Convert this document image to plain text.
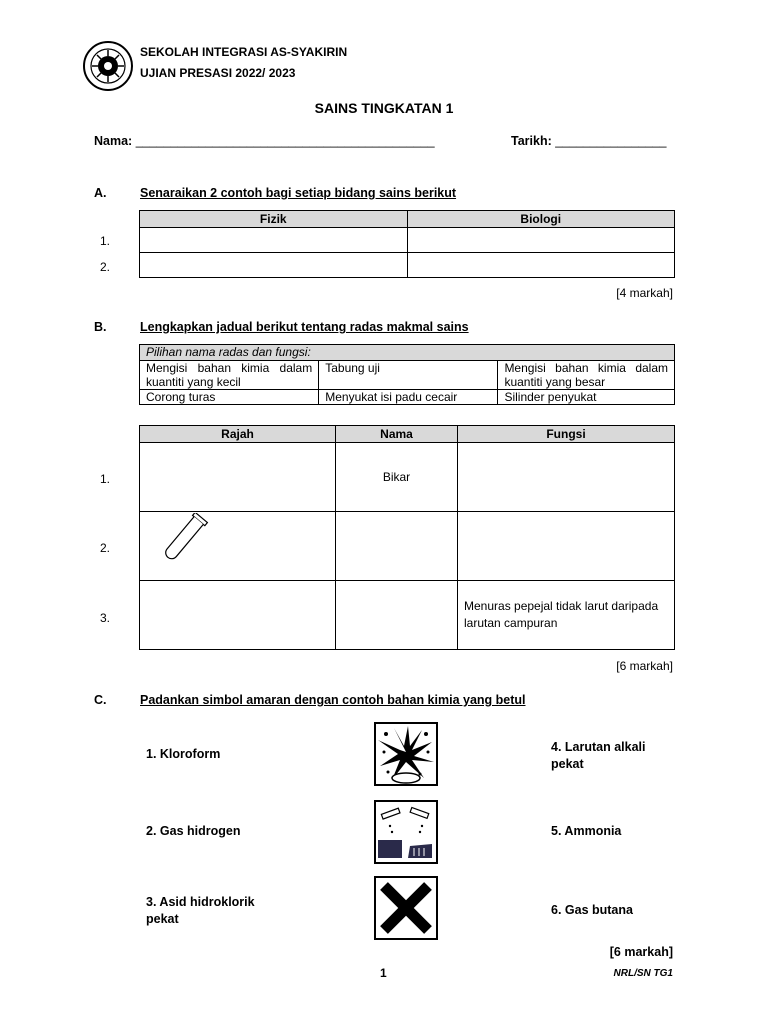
SEKOLAH INTEGRASI AS-SYAKIRIN
UJIAN PRESASI 2022/ 2023
SAINS TINGKATAN 1
Nama: ___________________________________________	Tarikh: ________________
A.	Senaraikan 2 contoh bagi setiap bidang sains berikut
Fizik	Biologi

1.
2.
[4 markah]
B.	Lengkapkan jadual berikut tentang radas makmal sains
Pilihan nama radas dan fungsi:		
Mengisi bahan kimia dalam kuantiti yang kecil	Tabung uji	Mengisi bahan kimia dalam kuantiti yang besar
Corong turas	Menyukat isi padu cecair	Silinder penyukat
Rajah	Nama	Fungsi
	Bikar	

		Menuras pepejal tidak larut daripada larutan campuran
1.
2.
3.
[6 markah]
C.	Padankan simbol amaran dengan contoh bahan kimia yang betul
1. Kloroform
2. Gas hidrogen
3. Asid hidroklorik pekat
4. Larutan alkali pekat
5. Ammonia
6. Gas butana
[6 markah]
1	NRL/SN TG1
